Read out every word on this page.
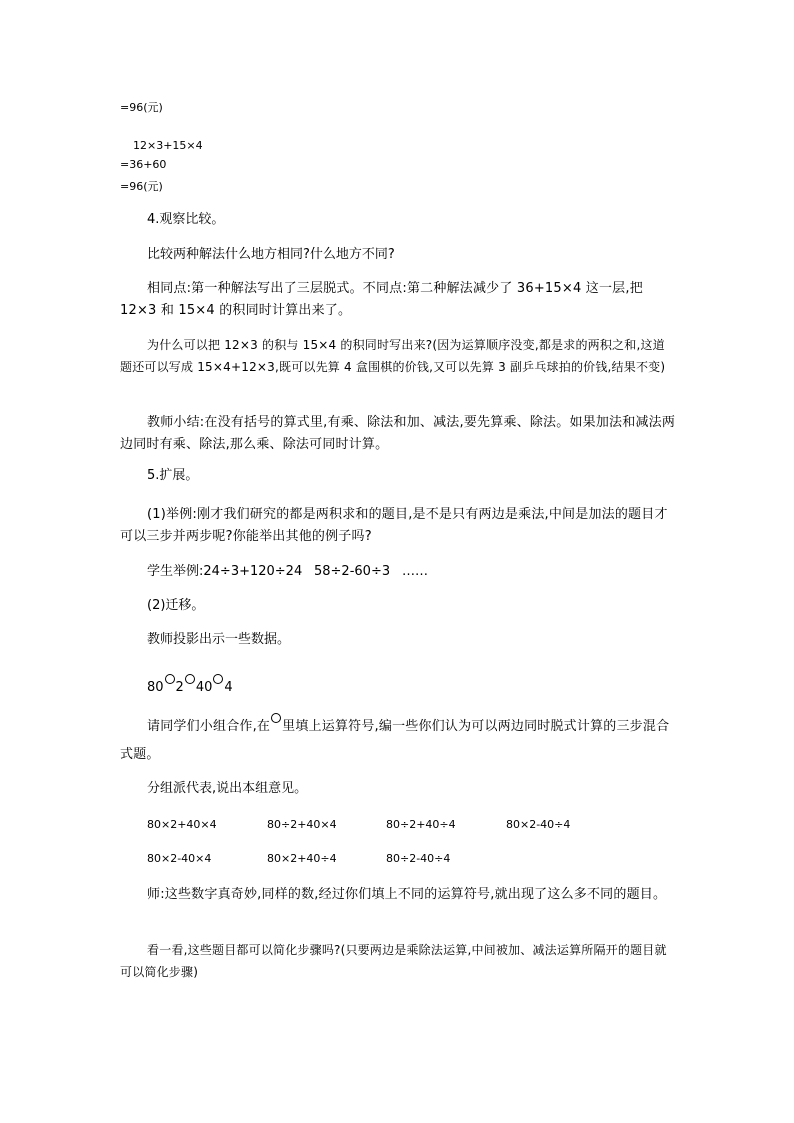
=96(元)
12×3+15×4
=36+60
=96(元)
4.观察比较。
比较两种解法什么地方相同?什么地方不同?
相同点:第一种解法写出了三层脱式。不同点:第二种解法减少了 36+15×4 这一层,把 12×3 和 15×4 的积同时计算出来了。
为什么可以把 12×3 的积与 15×4 的积同时写出来?(因为运算顺序没变,都是求的两积之和,这道题还可以写成 15×4+12×3,既可以先算 4 盒围棋的价钱,又可以先算 3 副乒乓球拍的价钱,结果不变)
教师小结:在没有括号的算式里,有乘、除法和加、减法,要先算乘、除法。如果加法和减法两边同时有乘、除法,那么乘、除法可同时计算。
5.扩展。
(1)举例:刚才我们研究的都是两积求和的题目,是不是只有两边是乘法,中间是加法的题目才可以三步并两步呢?你能举出其他的例子吗?
学生举例:24÷3+120÷24 58÷2-60÷3 ……
(2)迁移。
教师投影出示一些数据。
80 2 40 4
请同学们小组合作,在 里填上运算符号,编一些你们认为可以两边同时脱式计算的三步混合式题。
分组派代表,说出本组意见。
80×2+40×4	80÷2+40×4	80÷2+40÷4	80×2-40÷4
80×2-40×4	80×2+40÷4	80÷2-40÷4
师:这些数字真奇妙,同样的数,经过你们填上不同的运算符号,就出现了这么多不同的题目。
看一看,这些题目都可以简化步骤吗?(只要两边是乘除法运算,中间被加、减法运算所隔开的题目就可以简化步骤)
